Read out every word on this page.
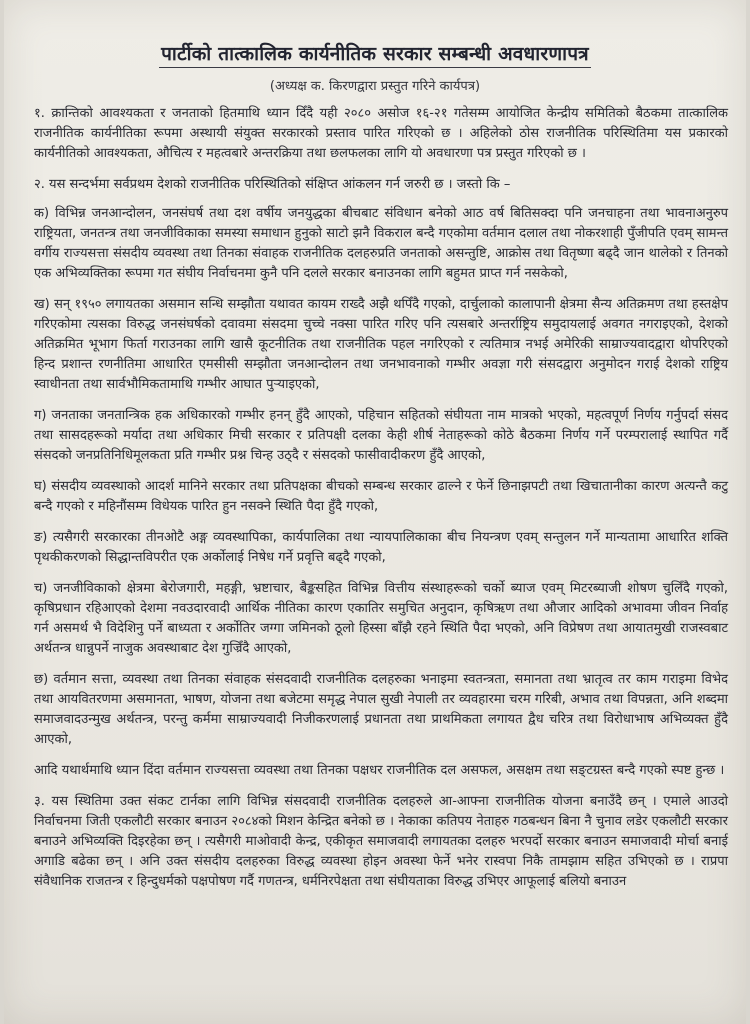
पार्टीको तात्कालिक कार्यनीतिक सरकार सम्बन्धी अवधारणापत्र
(अध्यक्ष क. किरणद्वारा प्रस्तुत गरिने कार्यपत्र)

१. क्रान्तिको आवश्यकता र जनताको हितमाथि ध्यान दिँदै यही २०८० असोज १६-२१ गतेसम्म आयोजित केन्द्रीय समितिको बैठकमा तात्कालिक राजनीतिक कार्यनीतिका रूपमा अस्थायी संयुक्त सरकारको प्रस्ताव पारित गरिएको छ । अहिलेको ठोस राजनीतिक परिस्थितिमा यस प्रकारको कार्यनीतिको आवश्यकता, औचित्य र महत्वबारे अन्तरक्रिया तथा छलफलका लागि यो अवधारणा पत्र प्रस्तुत गरिएको छ ।

२. यस सन्दर्भमा सर्वप्रथम देशको राजनीतिक परिस्थितिको संक्षिप्त आंकलन गर्न जरुरी छ । जस्तो कि –

क) विभिन्न जनआन्दोलन, जनसंघर्ष तथा दश वर्षीय जनयुद्धका बीचबाट संविधान बनेको आठ वर्ष बितिसक्दा पनि जनचाहना तथा भावनाअनुरुप राष्ट्रियता, जनतन्त्र तथा जनजीविकाका समस्या समाधान हुनुको साटो झनै विकराल बन्दै गएकोमा वर्तमान दलाल तथा नोकरशाही पुँजीपति एवम् सामन्त वर्गीय राज्यसत्ता संसदीय व्यवस्था तथा तिनका संवाहक राजनीतिक दलहरुप्रति जनताको असन्तुष्टि, आक्रोस तथा वितृष्णा बढ्दै जान थालेको र तिनको एक अभिव्यक्तिका रूपमा गत संघीय निर्वाचनमा कुनै पनि दलले सरकार बनाउनका लागि बहुमत प्राप्त गर्न नसकेको,

ख) सन् १९५० लगायतका असमान सन्धि सम्झौता यथावत कायम राख्दै अझै थपिँदै गएको, दार्चुलाको कालापानी क्षेत्रमा सैन्य अतिक्रमण तथा हस्तक्षेप गरिएकोमा त्यसका विरुद्ध जनसंघर्षको दवावमा संसदमा चुच्चे नक्सा पारित गरिए पनि त्यसबारे अन्तर्राष्ट्रिय समुदायलाई अवगत नगराइएको, देशको अतिक्रमित भूभाग फिर्ता गराउनका लागि खासै कूटनीतिक तथा राजनीतिक पहल नगरिएको र त्यतिमात्र नभई अमेरिकी साम्राज्यवादद्वारा थोपरिएको हिन्द प्रशान्त रणनीतिमा आधारित एमसीसी सम्झौता जनआन्दोलन तथा जनभावनाको गम्भीर अवज्ञा गरी संसदद्वारा अनुमोदन गराई देशको राष्ट्रिय स्वाधीनता तथा सार्वभौमिकतामाथि गम्भीर आघात पुऱ्याइएको,

ग) जनताका जनतान्त्रिक हक अधिकारको गम्भीर हनन् हुँदै आएको, पहिचान सहितको संघीयता नाम मात्रको भएको, महत्वपूर्ण निर्णय गर्नुपर्दा संसद तथा सासदहरूको मर्यादा तथा अधिकार मिची सरकार र प्रतिपक्षी दलका केही शीर्ष नेताहरूको कोठे बैठकमा निर्णय गर्ने परम्परालाई स्थापित गर्दै संसदको जनप्रतिनिधिमूलकता प्रति गम्भीर प्रश्न चिन्ह उठ्दै र संसदको फासीवादीकरण हुँदै आएको,

घ) संसदीय व्यवस्थाको आदर्श मानिने सरकार तथा प्रतिपक्षका बीचको सम्बन्ध सरकार ढाल्ने र फेर्ने छिनाझपटी तथा खिचातानीका कारण अत्यन्तै कटु बन्दै गएको र महिनौंसम्म विधेयक पारित हुन नसक्ने स्थिति पैदा हुँदै गएको,

ङ) त्यसैगरी सरकारका तीनओटै अङ्ग व्यवस्थापिका, कार्यपालिका तथा न्यायपालिकाका बीच नियन्त्रण एवम् सन्तुलन गर्ने मान्यतामा आधारित शक्ति पृथकीकरणको सिद्धान्तविपरीत एक अर्कोलाई निषेध गर्ने प्रवृत्ति बढ्दै गएको,

च) जनजीविकाको क्षेत्रमा बेरोजगारी, महङ्गी, भ्रष्टाचार, बैङ्कसहित विभिन्न वित्तीय संस्थाहरूको चर्को ब्याज एवम् मिटरब्याजी शोषण चुलिँदै गएको, कृषिप्रधान रहिआएको देशमा नवउदारवादी आर्थिक नीतिका कारण एकातिर समुचित अनुदान, कृषिऋण तथा औजार आदिको अभावमा जीवन निर्वाह गर्न असमर्थ भै विदेशिनु पर्ने बाध्यता र अर्कोतिर जग्गा जमिनको ठूलो हिस्सा बाँझै रहने स्थिति पैदा भएको, अनि विप्रेषण तथा आयातमुखी राजस्वबाट अर्थतन्त्र धान्नुपर्ने नाजुक अवस्थाबाट देश गुज्रिँदै आएको,

छ) वर्तमान सत्ता, व्यवस्था तथा तिनका संवाहक संसदवादी राजनीतिक दलहरुका भनाइमा स्वतन्त्रता, समानता तथा भ्रातृत्व तर काम गराइमा विभेद तथा आयवितरणमा असमानता, भाषण, योजना तथा बजेटमा समृद्ध नेपाल सुखी नेपाली तर व्यवहारमा चरम गरिबी, अभाव तथा विपन्नता, अनि शब्दमा समाजवादउन्मुख अर्थतन्त्र, परन्तु कर्ममा साम्राज्यवादी निजीकरणलाई प्रधानता तथा प्राथमिकता लगायत द्वैध चरित्र तथा विरोधाभाष अभिव्यक्त हुँदै आएको,

आदि यथार्थमाथि ध्यान दिंदा वर्तमान राज्यसत्ता व्यवस्था तथा तिनका पक्षधर राजनीतिक दल असफल, असक्षम तथा सङ्टग्रस्त बन्दै गएको स्पष्ट हुन्छ ।

३. यस स्थितिमा उक्त संकट टार्नका लागि विभिन्न संसदवादी राजनीतिक दलहरुले आ-आफ्ना राजनीतिक योजना बनाउँदै छन् । एमाले आउदो निर्वाचनमा जिती एकलौटी सरकार बनाउन २०८४को मिशन केन्द्रित बनेको छ । नेकाका कतिपय नेताहरु गठबन्धन बिना नै चुनाव लडेर एकलौटी सरकार बनाउने अभिव्यक्ति दिइरहेका छन् । त्यसैगरी माओवादी केन्द्र, एकीकृत समाजवादी लगायतका दलहरु भरपर्दो सरकार बनाउन समाजवादी मोर्चा बनाई अगाडि बढेका छन् । अनि उक्त संसदीय दलहरुका विरुद्ध व्यवस्था होइन अवस्था फेर्ने भनेर रास्वपा निकै तामझाम सहित उभिएको छ । राप्रपा संवैधानिक राजतन्त्र र हिन्दुधर्मको पक्षपोषण गर्दै गणतन्त्र, धर्मनिरपेक्षता तथा संघीयताका विरुद्ध उभिएर आफूलाई बलियो बनाउन
